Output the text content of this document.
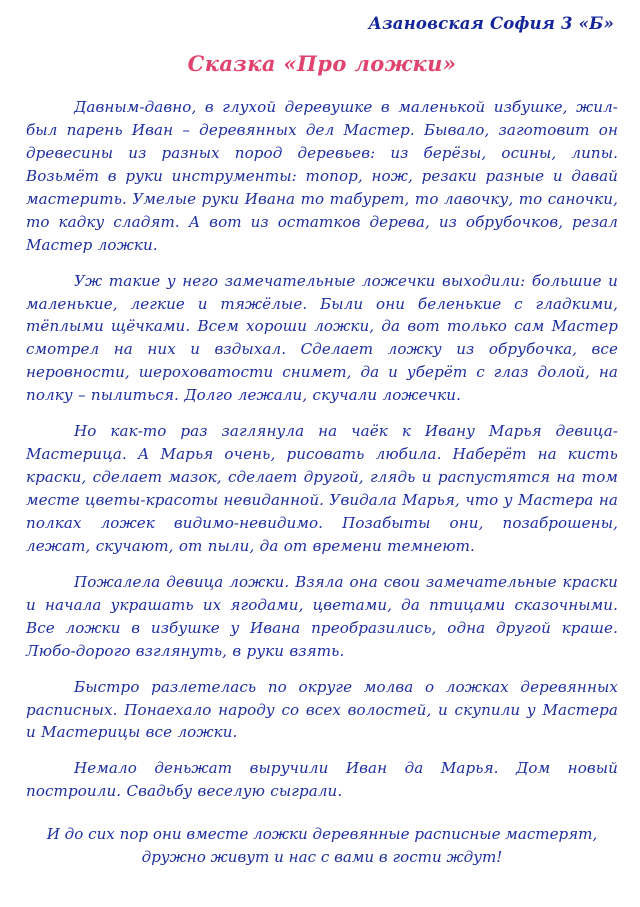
Азановская София 3 «Б»
Сказка «Про ложки»

Давным-давно, в глухой деревушке в маленькой избушке, жил-был парень Иван – деревянных дел Мастер. Бывало, заготовит он древесины из разных пород деревьев: из берёзы, осины, липы. Возьмёт в руки инструменты: топор, нож, резаки разные и давай мастерить. Умелые руки Ивана то табурет, то лавочку, то саночки, то кадку сладят. А вот из остатков дерева, из обрубочков, резал Мастер ложки.

Уж такие у него замечательные ложечки выходили: большие и маленькие, легкие и тяжёлые. Были они беленькие с гладкими, тёплыми щёчками. Всем хороши ложки, да вот только сам Мастер смотрел на них и вздыхал. Сделает ложку из обрубочка, все неровности, шероховатости снимет, да и уберёт с глаз долой, на полку – пылиться. Долго лежали, скучали ложечки.

Но как-то раз заглянула на чаёк к Ивану Марья девица-Мастерица. А Марья очень, рисовать любила. Наберёт на кисть краски, сделает мазок, сделает другой, глядь и распустятся на том месте цветы-красоты невиданной. Увидала Марья, что у Мастера на полках ложек видимо-невидимо. Позабыты они, позаброшены, лежат, скучают, от пыли, да от времени темнеют.

Пожалела девица ложки. Взяла она свои замечательные краски и начала украшать их ягодами, цветами, да птицами сказочными. Все ложки в избушке у Ивана преобразились, одна другой краше. Любо-дорого взглянуть, в руки взять.

Быстро разлетелась по округе молва о ложках деревянных расписных. Понаехало народу со всех волостей, и скупили у Мастера и Мастерицы все ложки.

Немало деньжат выручили Иван да Марья. Дом новый построили. Свадьбу веселую сыграли.

И до сих пор они вместе ложки деревянные расписные мастерят,
дружно живут и нас с вами в гости ждут!
